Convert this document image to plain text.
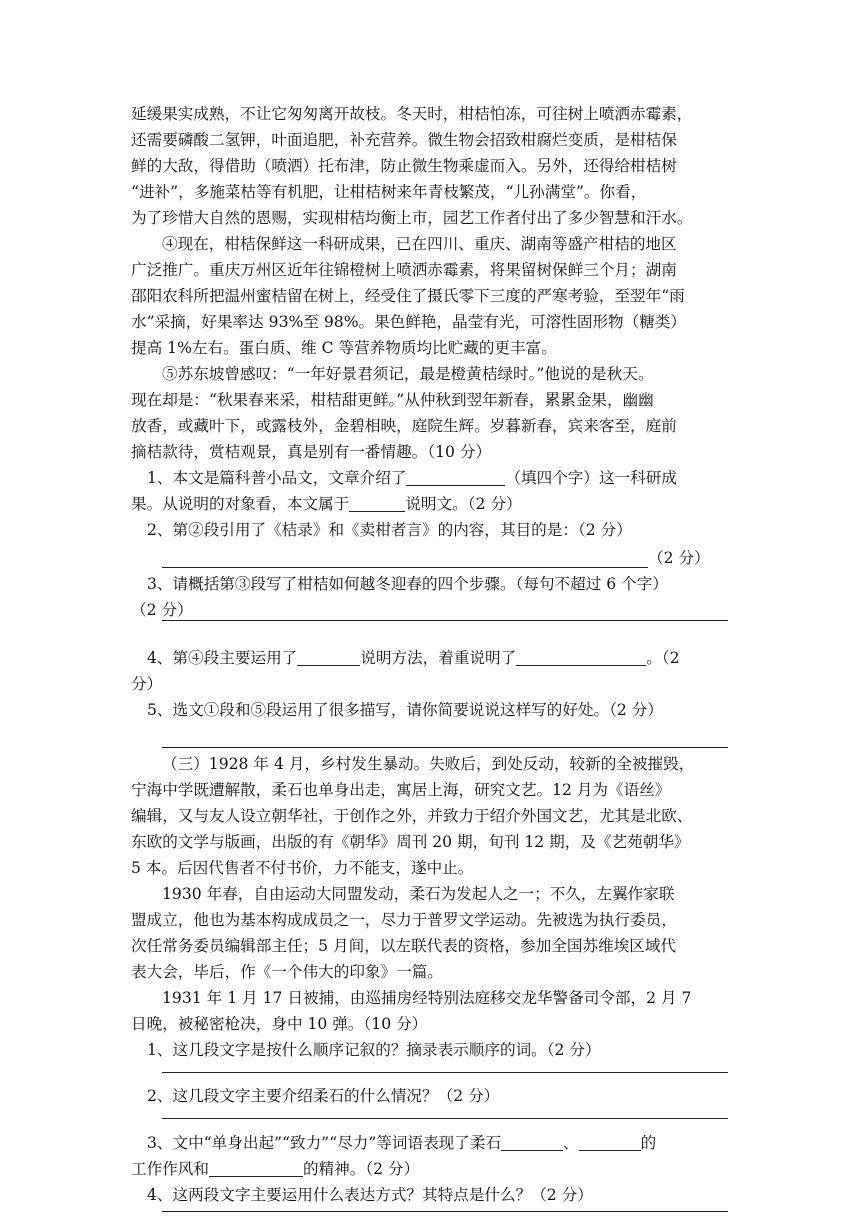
延缓果实成熟，不让它匆匆离开故枝。冬天时，柑桔怕冻，可往树上喷洒赤霉素，
还需要磷酸二氢钾，叶面追肥，补充营养。微生物会招致柑腐烂变质，是柑桔保
鲜的大敌，得借助（喷洒）托布津，防止微生物乘虚而入。另外，还得给柑桔树
“进补”，多施菜枯等有机肥，让柑桔树来年青枝繁茂，“儿孙满堂”。你看，
为了珍惜大自然的恩赐，实现柑桔均衡上市，园艺工作者付出了多少智慧和汗水。
④现在，柑桔保鲜这一科研成果，已在四川、重庆、湖南等盛产柑桔的地区
广泛推广。重庆万州区近年往锦橙树上喷洒赤霉素，将果留树保鲜三个月；湖南
邵阳农科所把温州蜜桔留在树上，经受住了摄氏零下三度的严寒考验，至翌年“雨
水”采摘，好果率达 93%至 98%。果色鲜艳，晶莹有光，可溶性固形物（糖类）
提高 1%左右。蛋白质、维 C 等营养物质均比贮藏的更丰富。
⑤苏东坡曾感叹：“一年好景君须记，最是橙黄桔绿时。”他说的是秋天。
现在却是：“秋果春来采，柑桔甜更鲜。”从仲秋到翌年新春，累累金果，幽幽
放香，或藏叶下，或露枝外，金碧相映，庭院生辉。岁暮新春，宾来客至，庭前
摘桔款待，赏桔观景，真是别有一番情趣。（10 分）
1、本文是篇科普小品文，文章介绍了	（填四个字）这一科研成
果。从说明的对象看，本文属于	说明文。（2 分）
2、第②段引用了《桔录》和《卖柑者言》的内容，其目的是：（2 分）
（2 分）
3、请概括第③段写了柑桔如何越冬迎春的四个步骤。（每句不超过 6 个字）
（2 分）
4、第④段主要运用了	说明方法，着重说明了	。（2
分）
5、选文①段和⑤段运用了很多描写，请你简要说说这样写的好处。（2 分）
（三）1928 年 4 月，乡村发生暴动。失败后，到处反动，较新的全被摧毁，
宁海中学既遭解散，柔石也单身出走，寓居上海，研究文艺。12 月为《语丝》
编辑，又与友人设立朝华社，于创作之外，并致力于绍介外国文艺，尤其是北欧、
东欧的文学与版画，出版的有《朝华》周刊 20 期，旬刊 12 期，及《艺苑朝华》
5 本。后因代售者不付书价，力不能支，遂中止。
1930 年春，自由运动大同盟发动，柔石为发起人之一；不久，左翼作家联
盟成立，他也为基本构成成员之一，尽力于普罗文学运动。先被选为执行委员，
次任常务委员编辑部主任；5 月间，以左联代表的资格，参加全国苏维埃区域代
表大会，毕后，作《一个伟大的印象》一篇。
1931 年 1 月 17 日被捕，由巡捕房经特别法庭移交龙华警备司令部，2 月 7
日晚，被秘密枪决，身中 10 弹。（10 分）
1、这几段文字是按什么顺序记叙的？摘录表示顺序的词。（2 分）
2、这几段文字主要介绍柔石的什么情况？（2 分）
3、文中“单身出起”“致力”“尽力”等词语表现了柔石	、	的
工作作风和	的精神。（2 分）
4、这两段文字主要运用什么表达方式？其特点是什么？（2 分）
